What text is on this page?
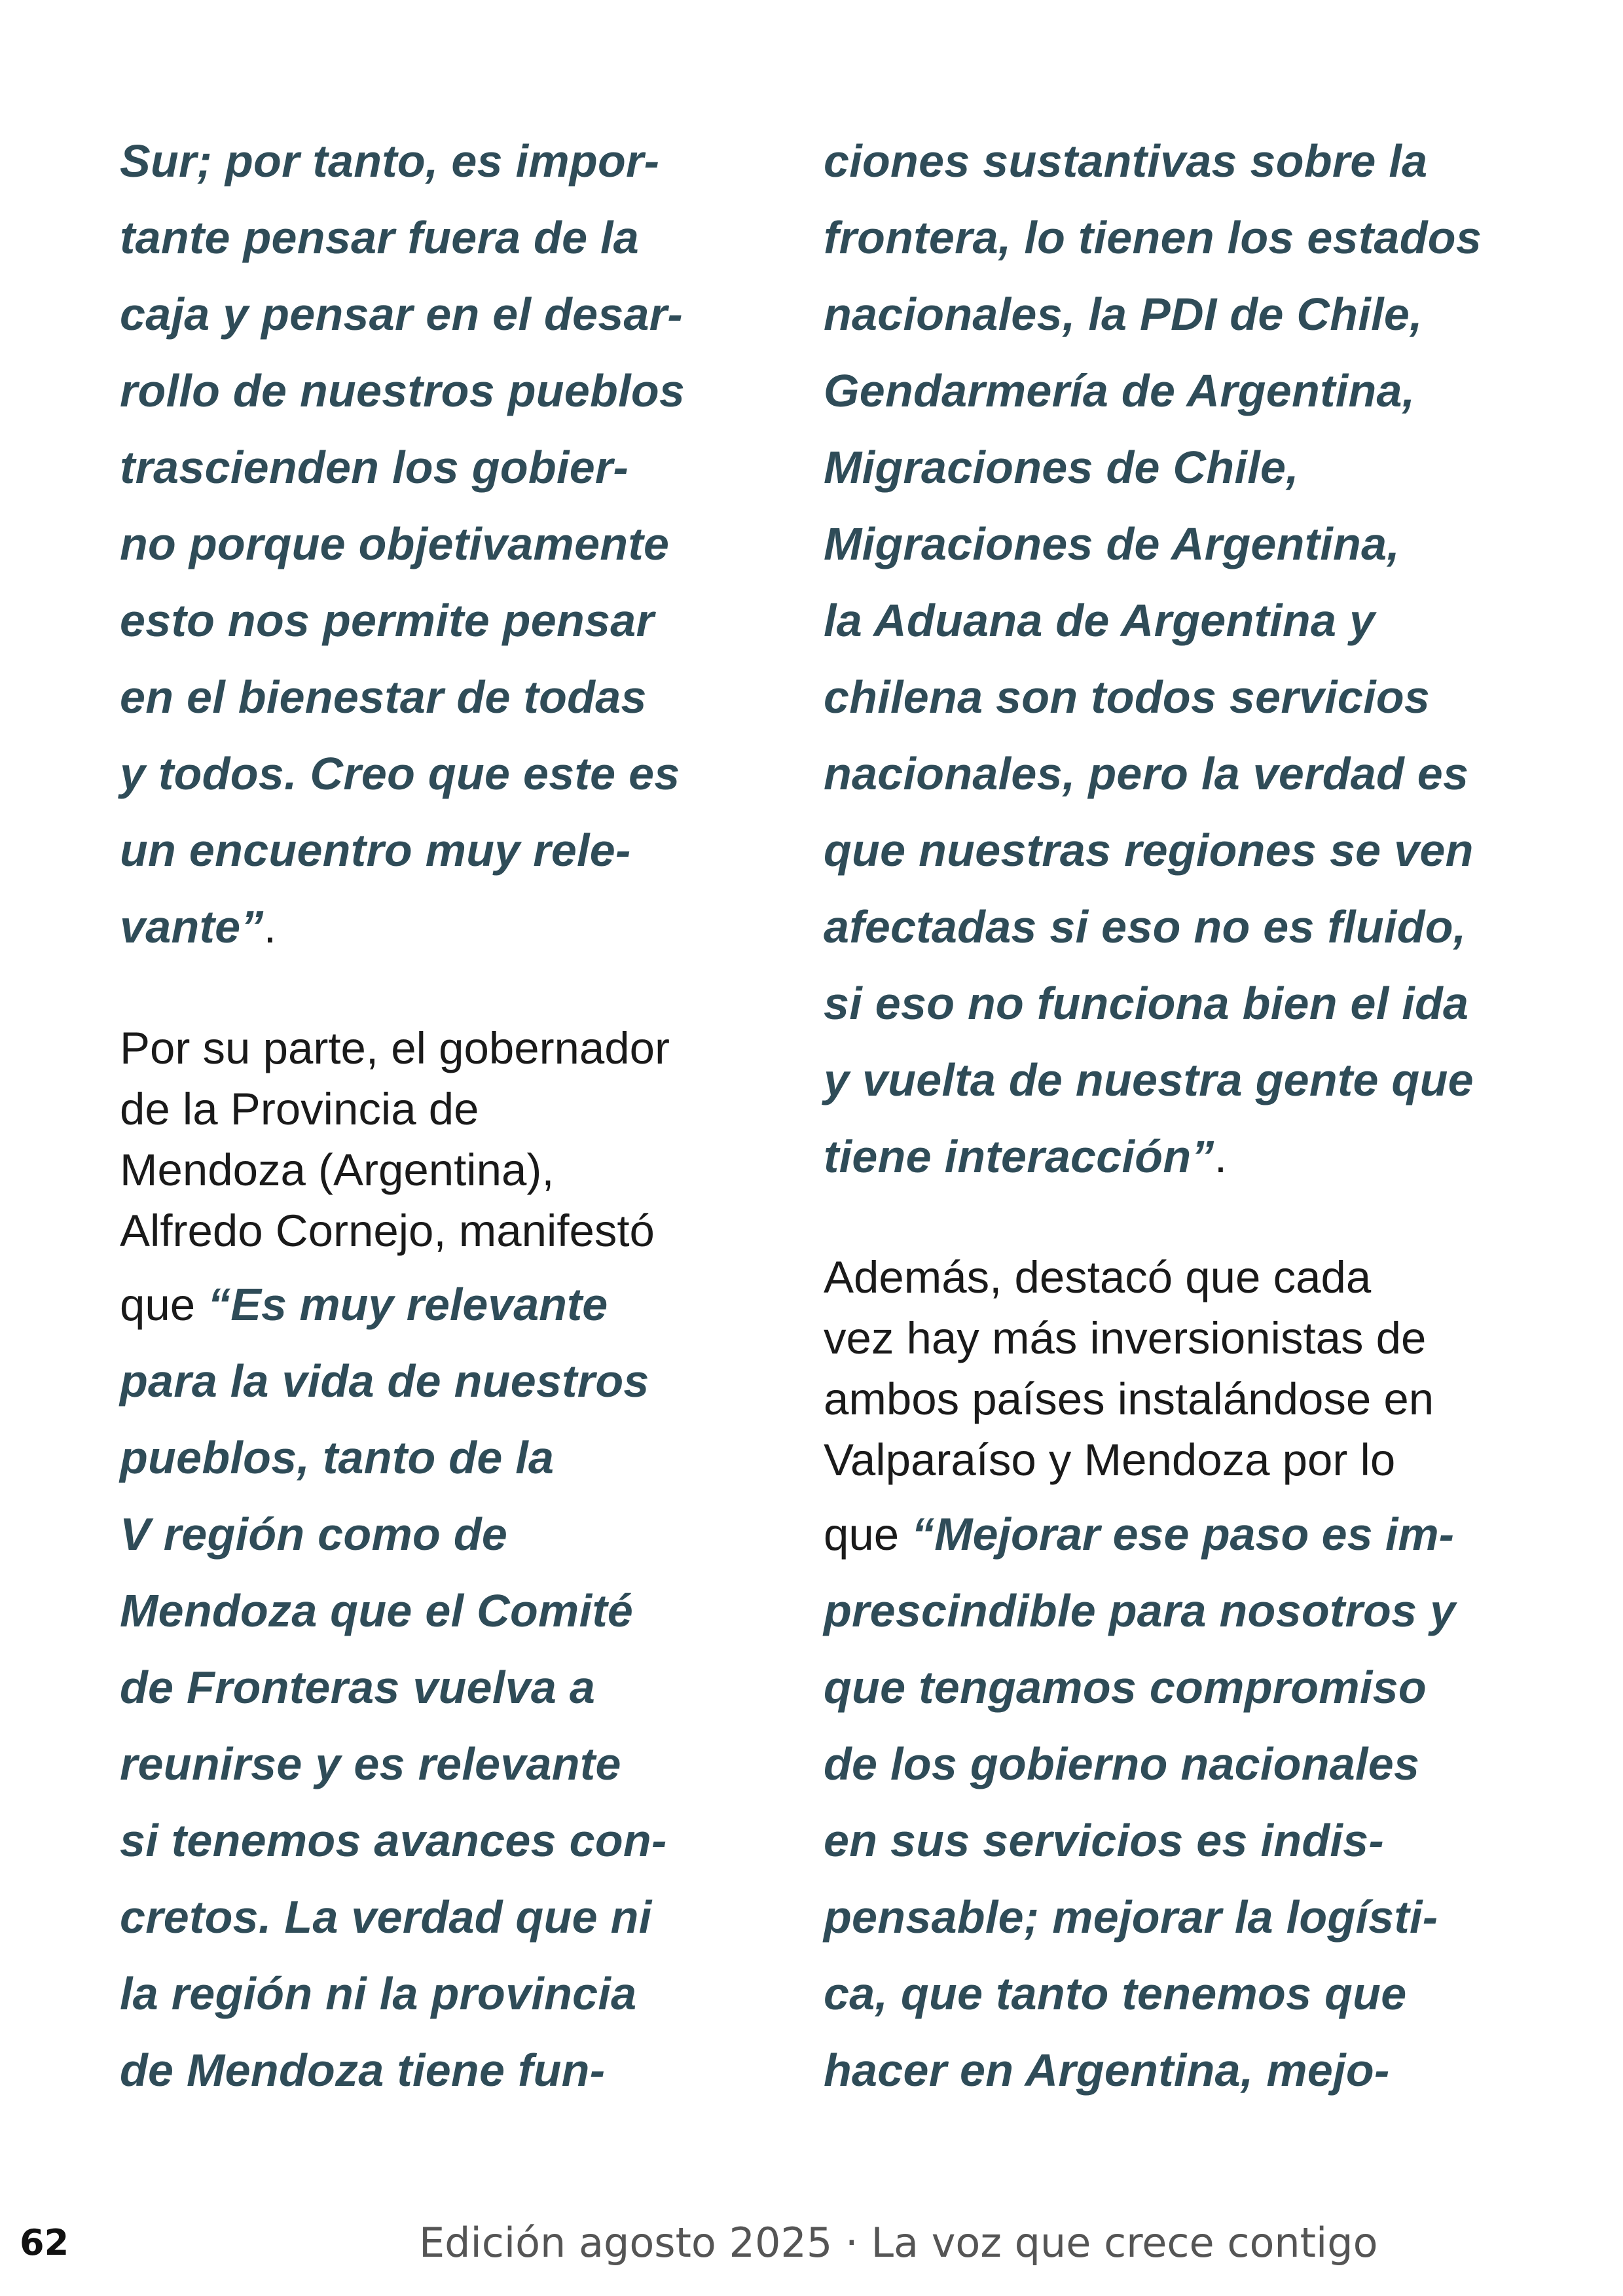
Sur; por tanto, es impor-
tante pensar fuera de la
caja y pensar en el desar-
rollo de nuestros pueblos
trascienden los gobier-
no porque objetivamente
esto nos permite pensar
en el bienestar de todas
y todos. Creo que este es
un encuentro muy rele-
vante”.
Por su parte, el gobernador
de la Provincia de
Mendoza (Argentina),
Alfredo Cornejo, manifestó
que “Es muy relevante
para la vida de nuestros
pueblos, tanto de la
V región como de
Mendoza que el Comité
de Fronteras vuelva a
reunirse y es relevante
si tenemos avances con-
cretos. La verdad que ni
la región ni la provincia
de Mendoza tiene fun-
ciones sustantivas sobre la
frontera, lo tienen los estados
nacionales, la PDI de Chile,
Gendarmería de Argentina,
Migraciones de Chile,
Migraciones de Argentina,
la Aduana de Argentina y
chilena son todos servicios
nacionales, pero la verdad es
que nuestras regiones se ven
afectadas si eso no es fluido,
si eso no funciona bien el ida
y vuelta de nuestra gente que
tiene interacción”.
Además, destacó que cada
vez hay más inversionistas de
ambos países instalándose en
Valparaíso y Mendoza por lo
que “Mejorar ese paso es im-
prescindible para nosotros y
que tengamos compromiso
de los gobierno nacionales
en sus servicios es indis-
pensable; mejorar la logísti-
ca, que tanto tenemos que
hacer en Argentina, mejo-
62	Edición agosto 2025 · La voz que crece contigo
